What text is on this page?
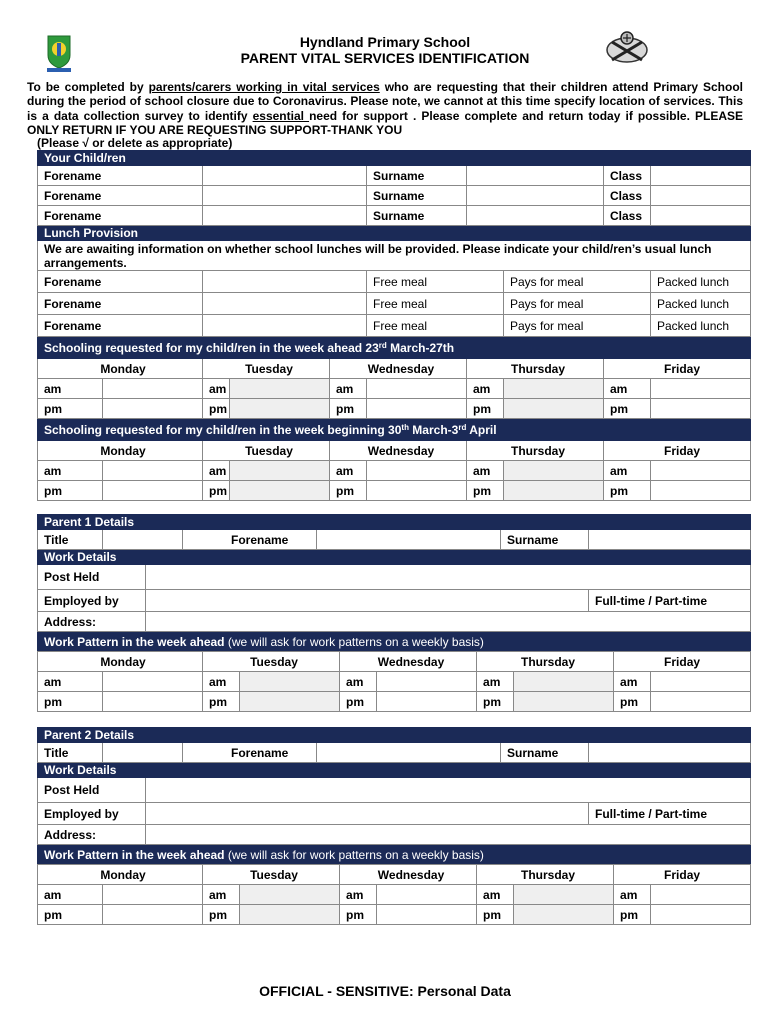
Hyndland Primary School
PARENT VITAL SERVICES IDENTIFICATION
To be completed by parents/carers working in vital services who are requesting that their children attend Primary School during the period of school closure due to Coronavirus. Please note, we cannot at this time specify location of services. This is a data collection survey to identify essential need for support . Please complete and return today if possible. PLEASE ONLY RETURN IF YOU ARE REQUESTING SUPPORT-THANK YOU
(Please √ or delete as appropriate)
Your Child/ren									
Forename					Surname			Class	
Forename					Surname			Class	
Forename					Surname			Class	
Lunch Provision									
We are awaiting information on whether school lunches will be provided. Please indicate your child/ren’s usual lunch arrangements.									
Forename					Free meal		Pays for meal		Packed lunch
Forename					Free meal		Pays for meal		Packed lunch
Forename					Free meal		Pays for meal		Packed lunch
Schooling requested for my child/ren in the week ahead 23rd March-27th									
Monday		Tuesday		Wednesday		Thursday		Friday	
am		am		am		am		am	
pm		pm		pm		pm		pm	
Schooling requested for my child/ren in the week beginning 30th March-3rd April									
Monday		Tuesday		Wednesday		Thursday		Friday	
am		am		am		am		am	
pm		pm		pm		pm		pm	
Parent 1 Details						
Title			Forename		Surname	
Work Details						
Post Held						
Employed by						Full-time / Part-time
Address:						
Work Pattern in the week ahead (we will ask for work patterns on a weekly basis)						
Monday		Tuesday		Wednesday		Thursday		Friday	
am		am		am		am		am	
pm		pm		pm		pm		pm	
Parent 2 Details						
Title			Forename		Surname	
Work Details						
Post Held						
Employed by						Full-time / Part-time
Address:						
Work Pattern in the week ahead (we will ask for work patterns on a weekly basis)						
Monday		Tuesday		Wednesday		Thursday		Friday	
am		am		am		am		am	
pm		pm		pm		pm		pm	
OFFICIAL - SENSITIVE: Personal Data
